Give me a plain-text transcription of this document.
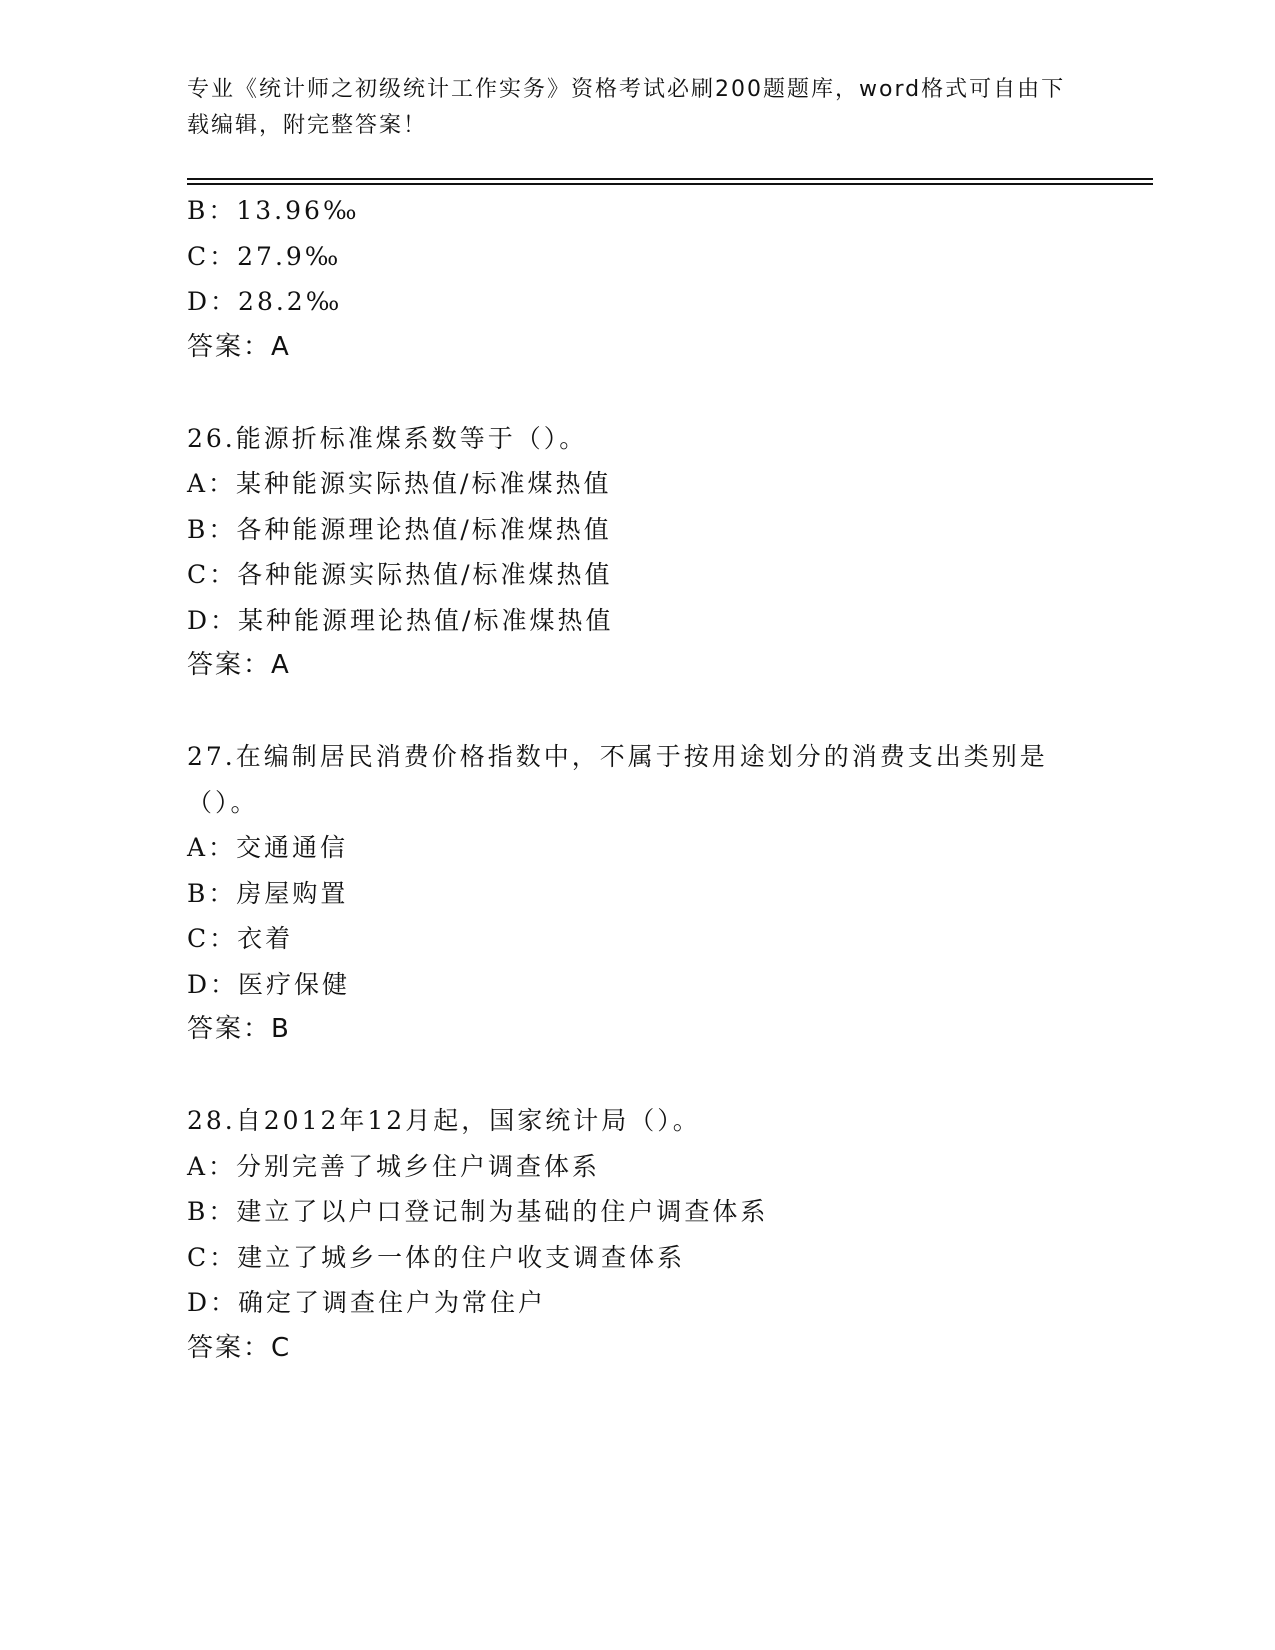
专业《统计师之初级统计工作实务》资格考试必刷200题题库，word格式可自由下载编辑，附完整答案！
B：13.96‰
C：27.9‰
D：28.2‰
答案：A
26.能源折标准煤系数等于（）。
A：某种能源实际热值/标准煤热值
B：各种能源理论热值/标准煤热值
C：各种能源实际热值/标准煤热值
D：某种能源理论热值/标准煤热值
答案：A
27.在编制居民消费价格指数中，不属于按用途划分的消费支出类别是
（）。
A：交通通信
B：房屋购置
C：衣着
D：医疗保健
答案：B
28.自2012年12月起，国家统计局（）。
A：分别完善了城乡住户调查体系
B：建立了以户口登记制为基础的住户调查体系
C：建立了城乡一体的住户收支调查体系
D：确定了调查住户为常住户
答案：C
